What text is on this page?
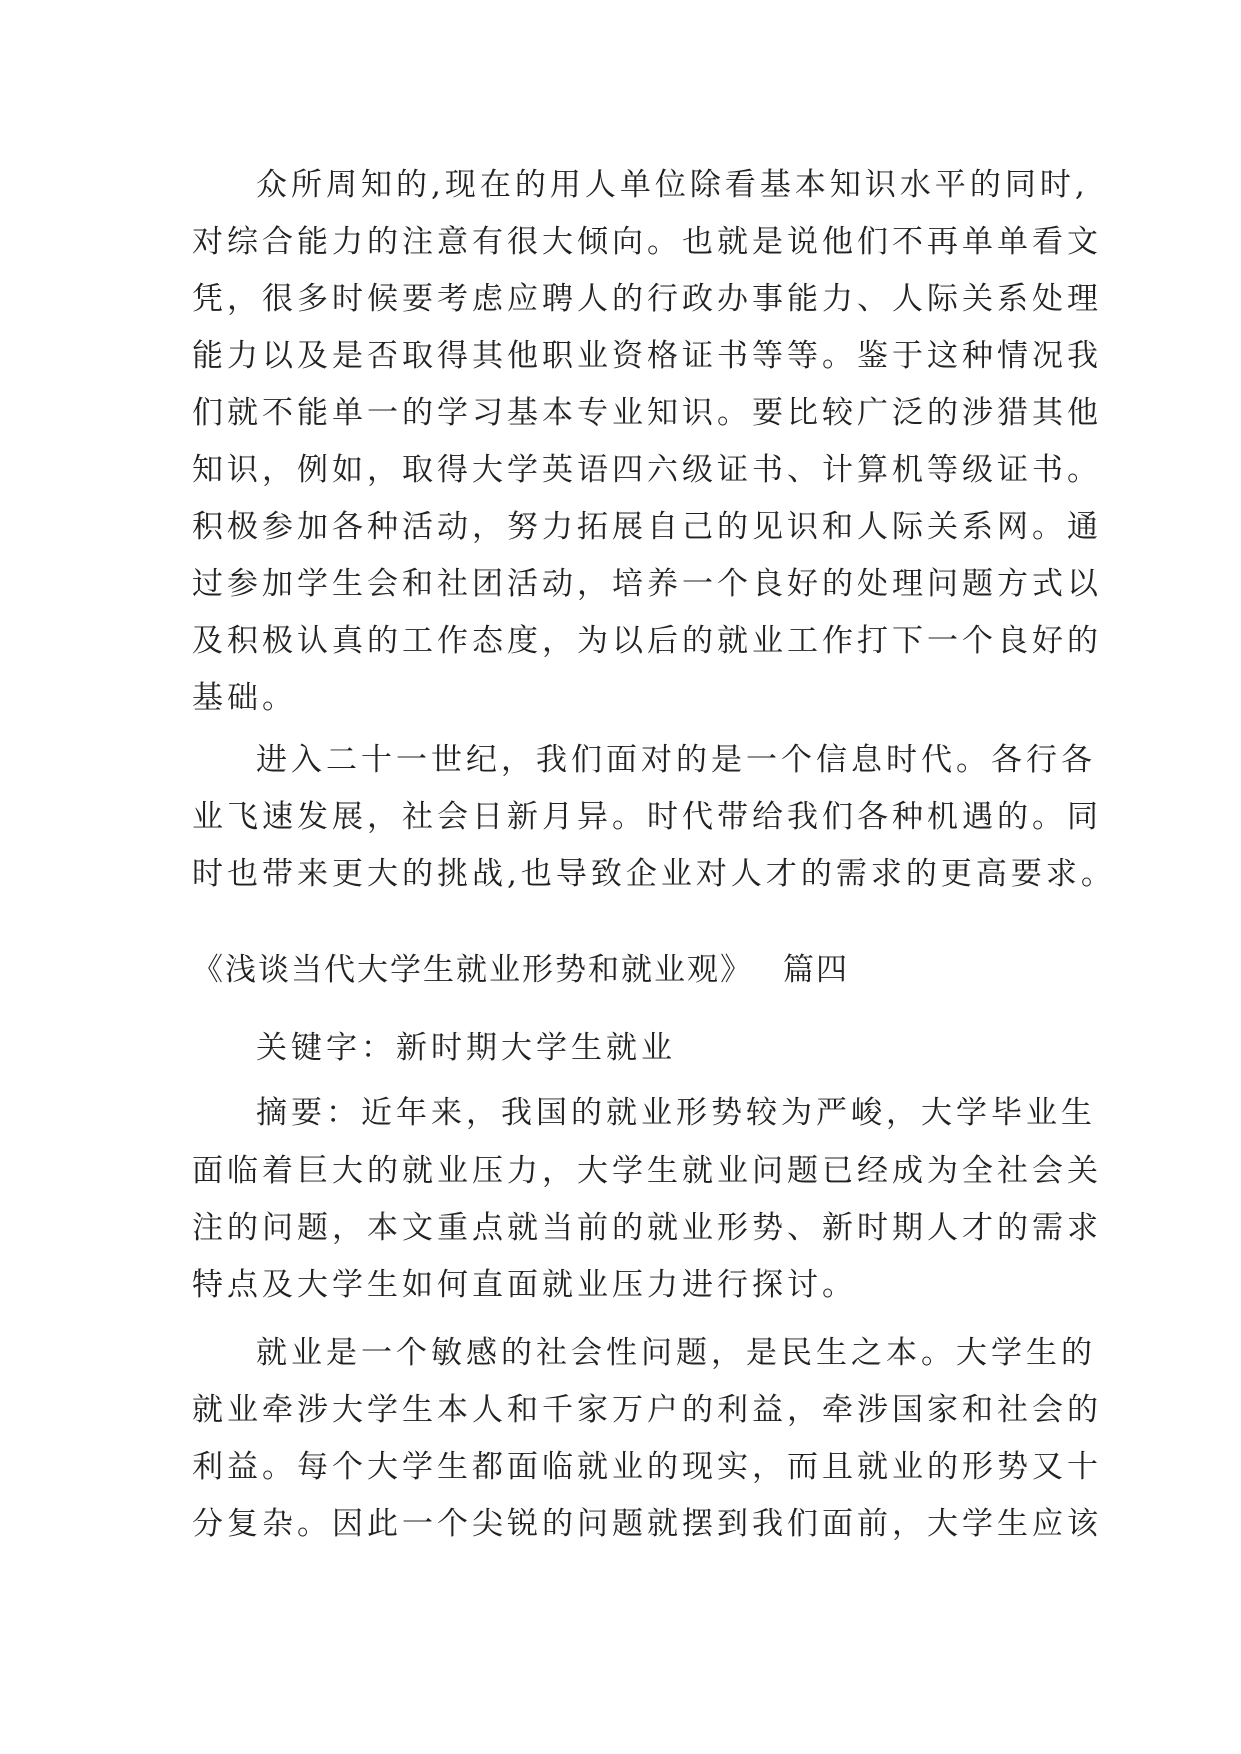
众所周知的,现在的用人单位除看基本知识水平的同时,
对综合能力的注意有很大倾向。也就是说他们不再单单看文
凭，很多时候要考虑应聘人的行政办事能力、人际关系处理
能力以及是否取得其他职业资格证书等等。鉴于这种情况我
们就不能单一的学习基本专业知识。要比较广泛的涉猎其他
知识，例如，取得大学英语四六级证书、计算机等级证书。
积极参加各种活动，努力拓展自己的见识和人际关系网。通
过参加学生会和社团活动，培养一个良好的处理问题方式以
及积极认真的工作态度，为以后的就业工作打下一个良好的
基础。
进入二十一世纪，我们面对的是一个信息时代。各行各
业飞速发展，社会日新月异。时代带给我们各种机遇的。同
时也带来更大的挑战,也导致企业对人才的需求的更高要求。
《浅谈当代大学生就业形势和就业观》 篇四
关键字：新时期大学生就业
摘要：近年来，我国的就业形势较为严峻，大学毕业生
面临着巨大的就业压力，大学生就业问题已经成为全社会关
注的问题，本文重点就当前的就业形势、新时期人才的需求
特点及大学生如何直面就业压力进行探讨。
就业是一个敏感的社会性问题，是民生之本。大学生的
就业牵涉大学生本人和千家万户的利益，牵涉国家和社会的
利益。每个大学生都面临就业的现实，而且就业的形势又十
分复杂。因此一个尖锐的问题就摆到我们面前，大学生应该
